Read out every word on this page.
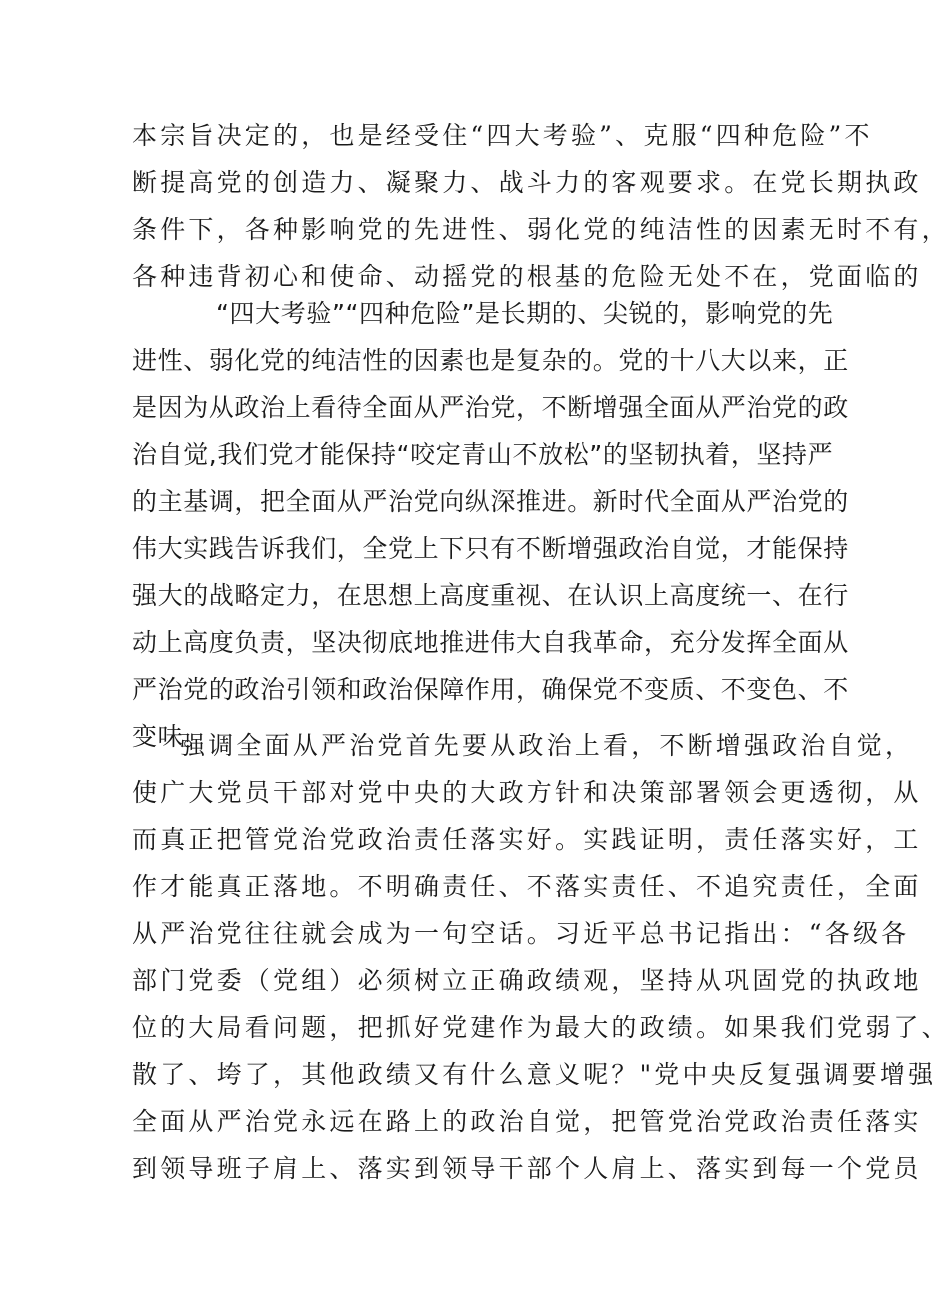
本宗旨决定的，也是经受住“四大考验”、克服“四种危险”不
断提高党的创造力、凝聚力、战斗力的客观要求。在党长期执政
条件下，各种影响党的先进性、弱化党的纯洁性的因素无时不有，
各种违背初心和使命、动摇党的根基的危险无处不在，党面临的
“四大考验”“四种危险”是长期的、尖锐的，影响党的先
进性、弱化党的纯洁性的因素也是复杂的。党的十八大以来，正
是因为从政治上看待全面从严治党，不断增强全面从严治党的政
治自觉,我们党才能保持“咬定青山不放松”的坚韧执着，坚持严
的主基调，把全面从严治党向纵深推进。新时代全面从严治党的
伟大实践告诉我们，全党上下只有不断增强政治自觉，才能保持
强大的战略定力，在思想上高度重视、在认识上高度统一、在行
动上高度负责，坚决彻底地推进伟大自我革命，充分发挥全面从
严治党的政治引领和政治保障作用，确保党不变质、不变色、不
变味。
强调全面从严治党首先要从政治上看，不断增强政治自觉，
使广大党员干部对党中央的大政方针和决策部署领会更透彻，从
而真正把管党治党政治责任落实好。实践证明，责任落实好，工
作才能真正落地。不明确责任、不落实责任、不追究责任，全面
从严治党往往就会成为一句空话。习近平总书记指出：“各级各
部门党委（党组）必须树立正确政绩观，坚持从巩固党的执政地
位的大局看问题，把抓好党建作为最大的政绩。如果我们党弱了、
散了、垮了，其他政绩又有什么意义呢？"党中央反复强调要增强
全面从严治党永远在路上的政治自觉，把管党治党政治责任落实
到领导班子肩上、落实到领导干部个人肩上、落实到每一个党员
